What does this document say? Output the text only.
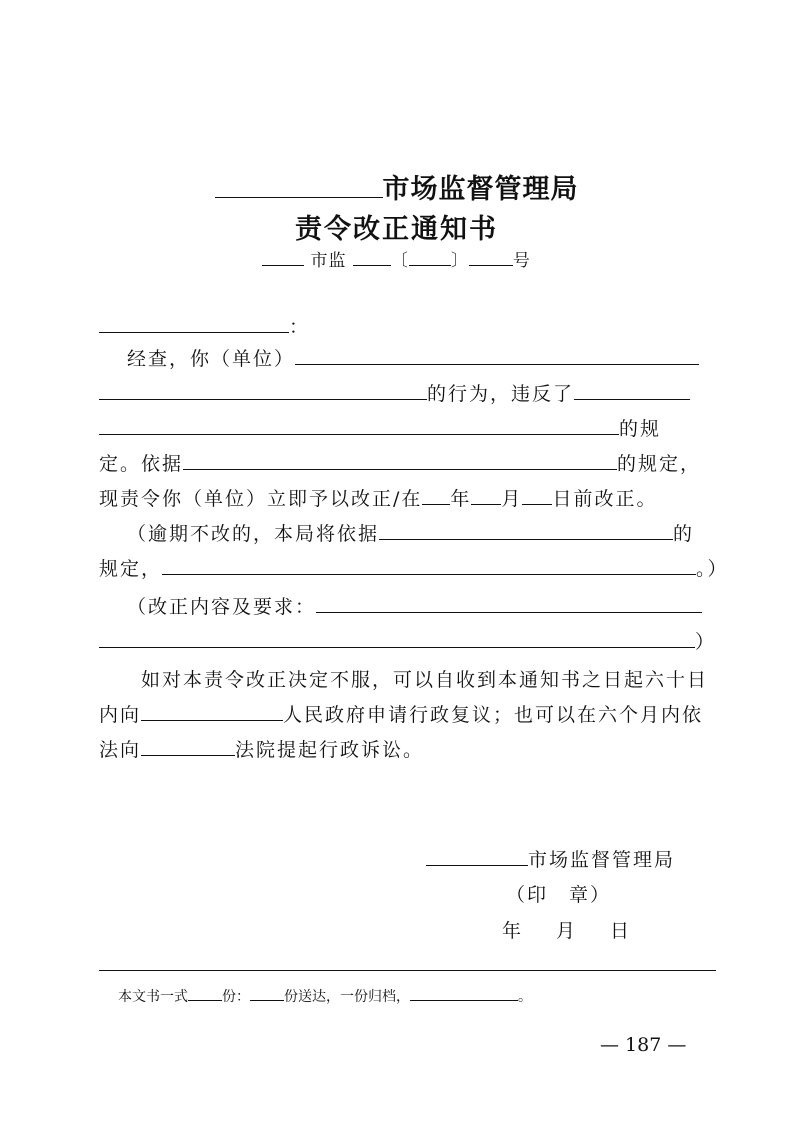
市场监督管理局
责令改正通知书
市监	〔 〕	号
：
经查，你（单位）
的行为，违反了
的规
定。依据	的规定，
现责令你（单位）立即予以改正/在 年 月 日前改正。
（逾期不改的，本局将依据	的
规定，	。）
（改正内容及要求：
）
如对本责令改正决定不服，可以自收到本通知书之日起六十日
内向	人民政府申请行政复议；也可以在六个月内依
法向	法院提起行政诉讼。
市场监督管理局
（印　章）
年　月　日
本文书一式 份： 份送达，一份归档，	。
— 187 —
